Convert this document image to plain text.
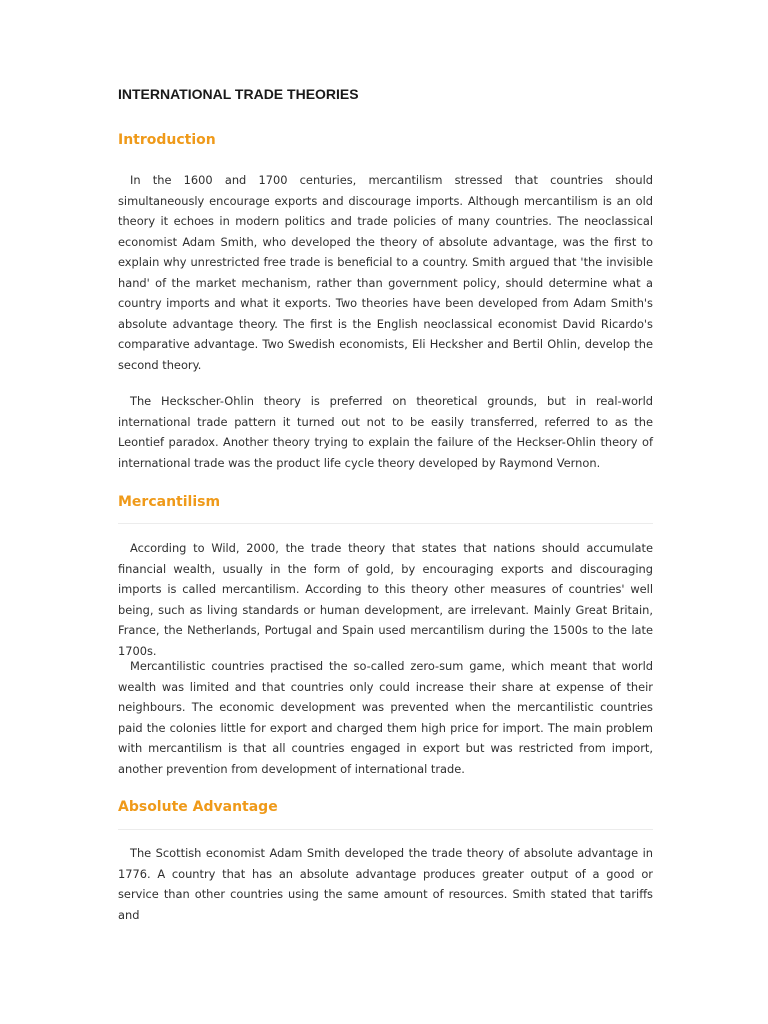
INTERNATIONAL TRADE THEORIES
Introduction

In the 1600 and 1700 centuries, mercantilism stressed that countries should simultaneously encourage exports and discourage imports. Although mercantilism is an old theory it echoes in modern politics and trade policies of many countries. The neoclassical economist Adam Smith, who developed the theory of absolute advantage, was the first to explain why unrestricted free trade is beneficial to a country. Smith argued that 'the invisible hand' of the market mechanism, rather than government policy, should determine what a country imports and what it exports. Two theories have been developed from Adam Smith's absolute advantage theory. The first is the English neoclassical economist David Ricardo's comparative advantage. Two Swedish economists, Eli Hecksher and Bertil Ohlin, develop the second theory.

The Heckscher-Ohlin theory is preferred on theoretical grounds, but in real-world international trade pattern it turned out not to be easily transferred, referred to as the Leontief paradox. Another theory trying to explain the failure of the Heckser-Ohlin theory of international trade was the product life cycle theory developed by Raymond Vernon.

Mercantilism

According to Wild, 2000, the trade theory that states that nations should accumulate financial wealth, usually in the form of gold, by encouraging exports and discouraging imports is called mercantilism. According to this theory other measures of countries' well being, such as living standards or human development, are irrelevant. Mainly Great Britain, France, the Netherlands, Portugal and Spain used mercantilism during the 1500s to the late 1700s.

Mercantilistic countries practised the so-called zero-sum game, which meant that world wealth was limited and that countries only could increase their share at expense of their neighbours. The economic development was prevented when the mercantilistic countries paid the colonies little for export and charged them high price for import. The main problem with mercantilism is that all countries engaged in export but was restricted from import, another prevention from development of international trade.

Absolute Advantage

The Scottish economist Adam Smith developed the trade theory of absolute advantage in 1776. A country that has an absolute advantage produces greater output of a good or service than other countries using the same amount of resources. Smith stated that tariffs and
